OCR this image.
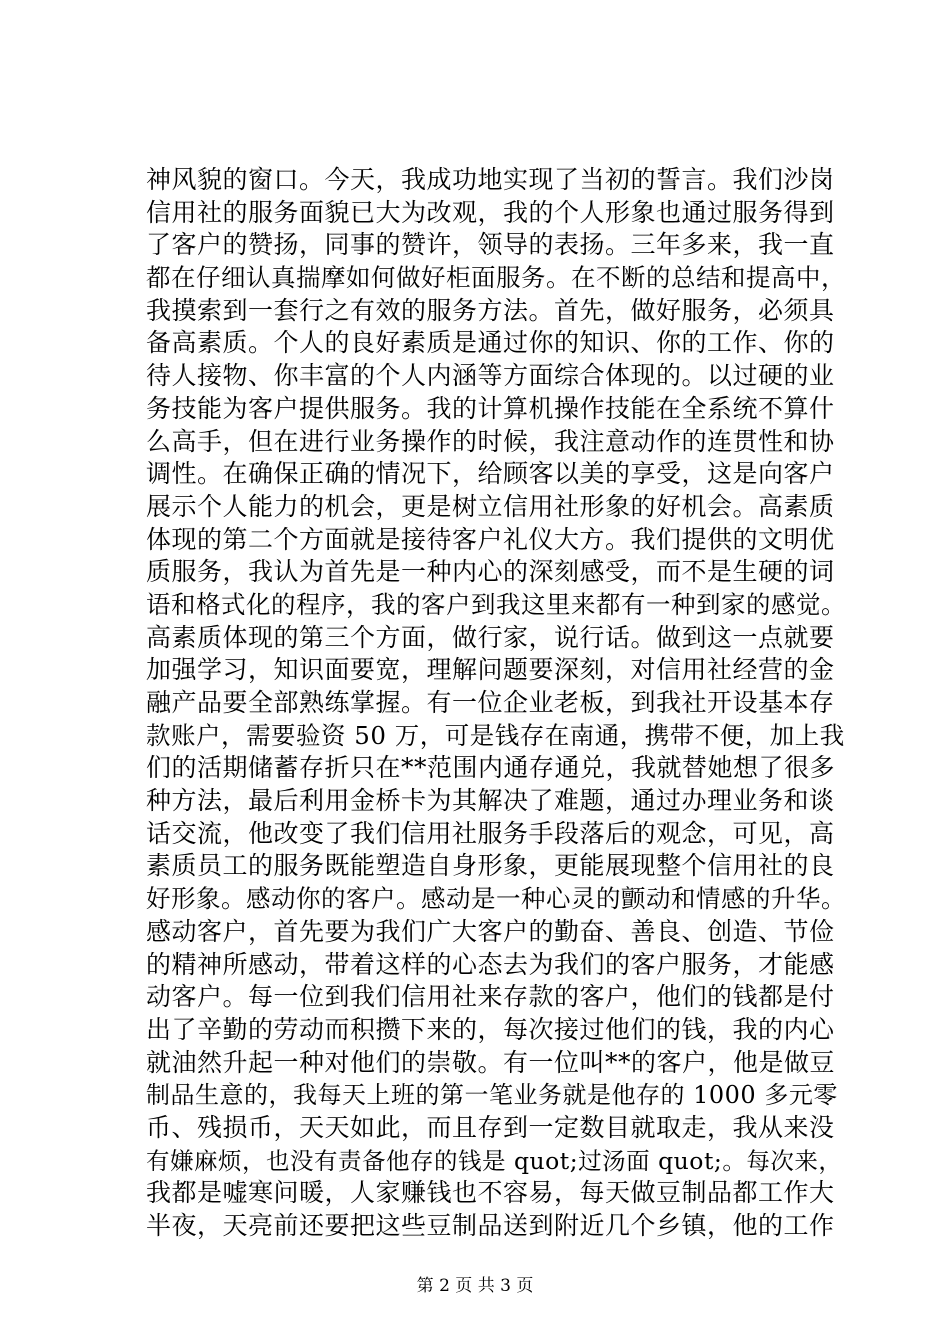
神风貌的窗口。今天，我成功地实现了当初的誓言。我们沙岗
信用社的服务面貌已大为改观，我的个人形象也通过服务得到
了客户的赞扬，同事的赞许，领导的表扬。三年多来，我一直
都在仔细认真揣摩如何做好柜面服务。在不断的总结和提高中，
我摸索到一套行之有效的服务方法。首先，做好服务，必须具
备高素质。个人的良好素质是通过你的知识、你的工作、你的
待人接物、你丰富的个人内涵等方面综合体现的。以过硬的业
务技能为客户提供服务。我的计算机操作技能在全系统不算什
么高手，但在进行业务操作的时候，我注意动作的连贯性和协
调性。在确保正确的情况下，给顾客以美的享受，这是向客户
展示个人能力的机会，更是树立信用社形象的好机会。高素质
体现的第二个方面就是接待客户礼仪大方。我们提供的文明优
质服务，我认为首先是一种内心的深刻感受，而不是生硬的词
语和格式化的程序，我的客户到我这里来都有一种到家的感觉。
高素质体现的第三个方面，做行家，说行话。做到这一点就要
加强学习，知识面要宽，理解问题要深刻，对信用社经营的金
融产品要全部熟练掌握。有一位企业老板，到我社开设基本存
款账户，需要验资 50 万，可是钱存在南通，携带不便，加上我
们的活期储蓄存折只在**范围内通存通兑，我就替她想了很多
种方法，最后利用金桥卡为其解决了难题，通过办理业务和谈
话交流，他改变了我们信用社服务手段落后的观念，可见，高
素质员工的服务既能塑造自身形象，更能展现整个信用社的良
好形象。感动你的客户。感动是一种心灵的颤动和情感的升华。
感动客户，首先要为我们广大客户的勤奋、善良、创造、节俭
的精神所感动，带着这样的心态去为我们的客户服务，才能感
动客户。每一位到我们信用社来存款的客户，他们的钱都是付
出了辛勤的劳动而积攒下来的，每次接过他们的钱，我的内心
就油然升起一种对他们的崇敬。有一位叫**的客户，他是做豆
制品生意的，我每天上班的第一笔业务就是他存的 1000 多元零
币、残损币，天天如此，而且存到一定数目就取走，我从来没
有嫌麻烦，也没有责备他存的钱是 quot;过汤面 quot;。每次来，
我都是嘘寒问暖，人家赚钱也不容易，每天做豆制品都工作大
半夜，天亮前还要把这些豆制品送到附近几个乡镇，他的工作
第 2 页 共 3 页
